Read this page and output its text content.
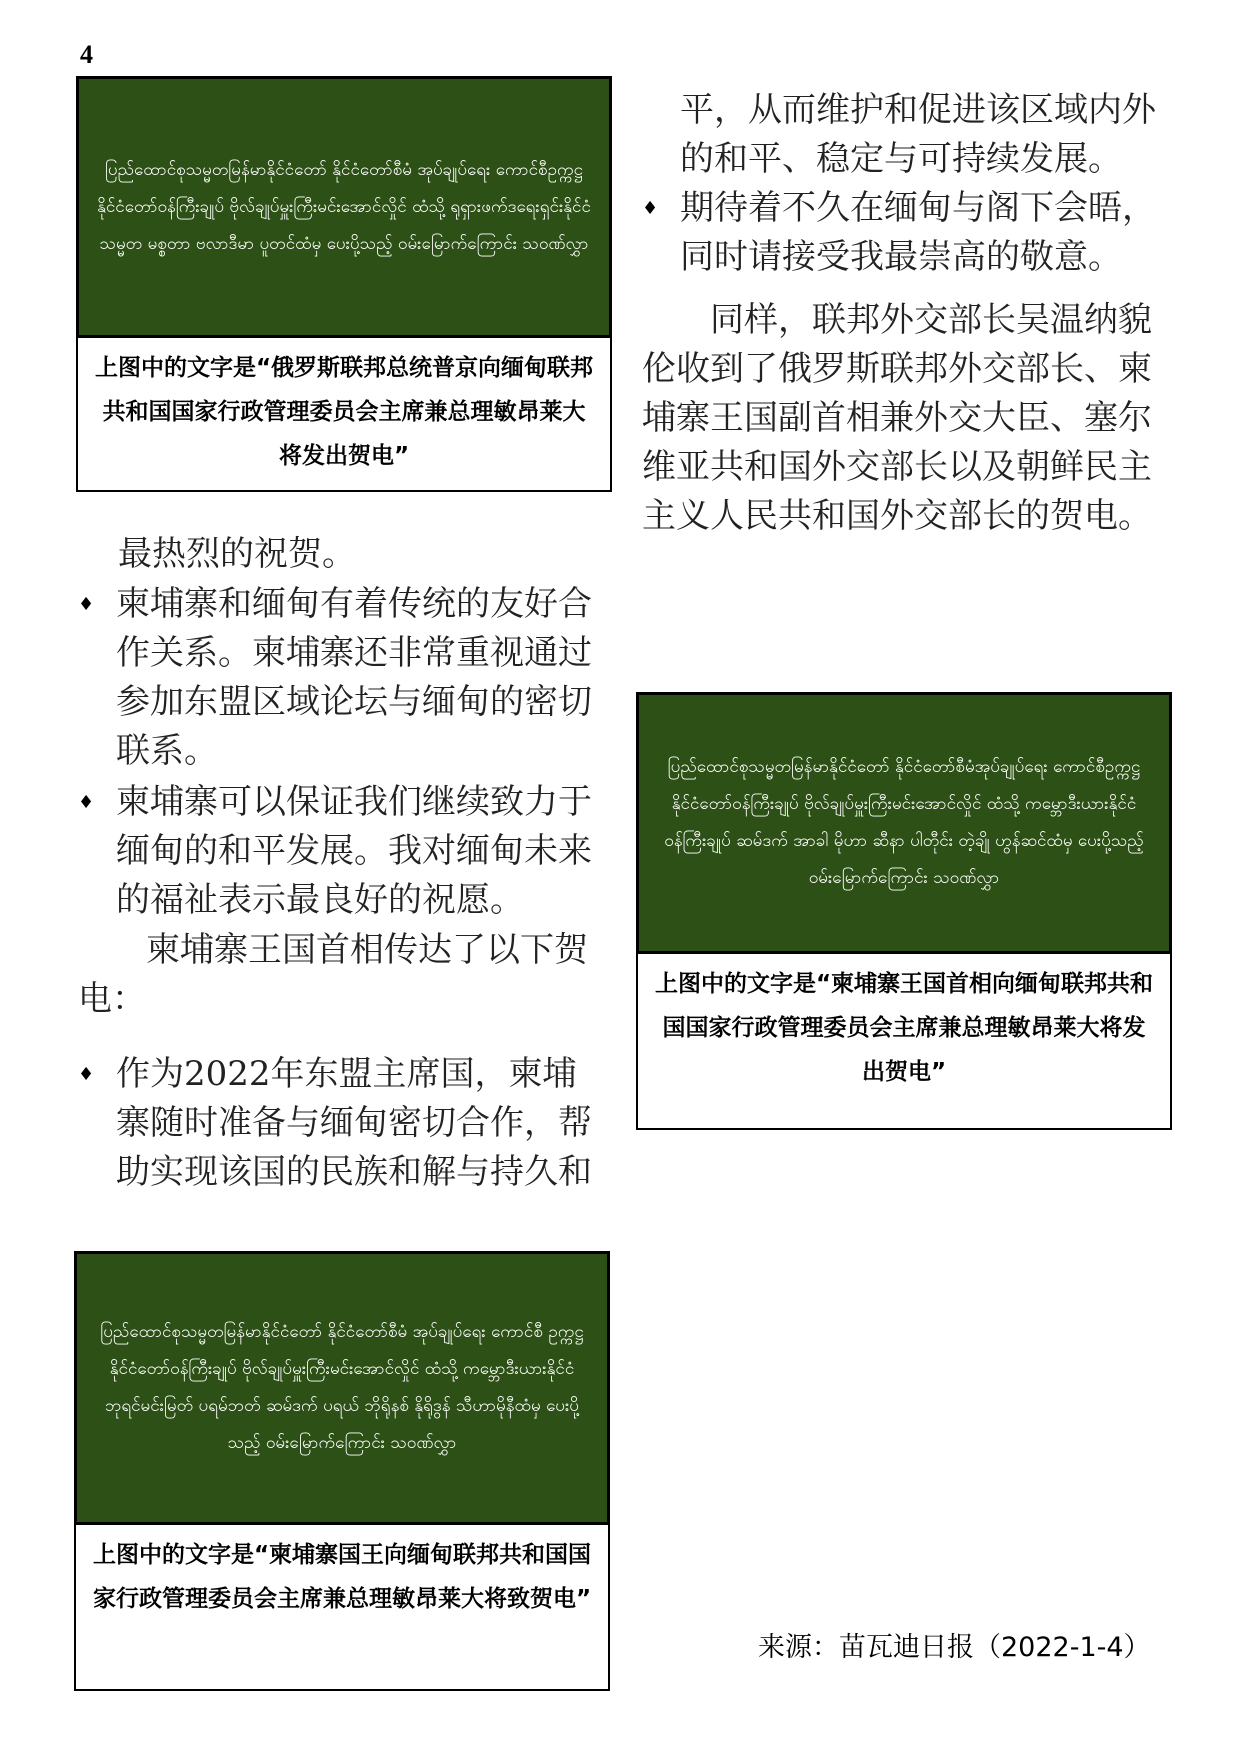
4
ပြည်ထောင်စုသမ္မတမြန်မာနိုင်ငံတော် နိုင်ငံတော်စီမံ အုပ်ချုပ်ရေး ကောင်စီဥက္ကဋ္ဌ နိုင်ငံတော်ဝန်ကြီးချုပ် ဗိုလ်ချုပ်မှူးကြီးမင်းအောင်လှိုင် ထံသို့ ရုရှားဖက်ဒရေးရှင်းနိုင်ငံ သမ္မတ မစ္စတာ ဗလာဒီမာ ပူတင်ထံမှ ပေးပို့သည့် ဝမ်းမြောက်ကြောင်း သဝဏ်လွှာ
上图中的文字是“俄罗斯联邦总统普京向缅甸联邦共和国国家行政管理委员会主席兼总理敏昂莱大将发出贺电”

平，从而维护和促进该区域内外的和平、稳定与可持续发展。

♦ 期待着不久在缅甸与阁下会晤，同时请接受我最崇高的敬意。

同样，联邦外交部长吴温纳貌伦收到了俄罗斯联邦外交部长、柬埔寨王国副首相兼外交大臣、塞尔维亚共和国外交部长以及朝鲜民主主义人民共和国外交部长的贺电。

最热烈的祝贺。

♦ 柬埔寨和缅甸有着传统的友好合作关系。柬埔寨还非常重视通过参加东盟区域论坛与缅甸的密切联系。
♦ 柬埔寨可以保证我们继续致力于缅甸的和平发展。我对缅甸未来的福祉表示最良好的祝愿。

柬埔寨王国首相传达了以下贺电：

♦ 作为2022年东盟主席国，柬埔寨随时准备与缅甸密切合作，帮助实现该国的民族和解与持久和
ပြည်ထောင်စုသမ္မတမြန်မာနိုင်ငံတော် နိုင်ငံတော်စီမံအုပ်ချုပ်ရေး ကောင်စီဥက္ကဋ္ဌ နိုင်ငံတော်ဝန်ကြီးချုပ် ဗိုလ်ချုပ်မှူးကြီးမင်းအောင်လှိုင် ထံသို့ ကမ္ဘောဒီးယားနိုင်ငံ ဝန်ကြီးချုပ် ဆမ်ဒက် အာခါ မိုဟာ ဆီနာ ပါတီုင်း တဲ့ချို ဟွန်ဆင်ထံမှ ပေးပို့သည့် ဝမ်းမြောက်ကြောင်း သဝဏ်လွှာ
上图中的文字是“柬埔寨王国首相向缅甸联邦共和国国家行政管理委员会主席兼总理敏昂莱大将发出贺电”
ပြည်ထောင်စုသမ္မတမြန်မာနိုင်ငံတော် နိုင်ငံတော်စီမံ အုပ်ချုပ်ရေး ကောင်စီ ဥက္ကဋ္ဌ နိုင်ငံတော်ဝန်ကြီးချုပ် ဗိုလ်ချုပ်မှူးကြီးမင်းအောင်လှိုင် ထံသို့ ကမ္ဘောဒီးယားနိုင်ငံ ဘုရင်မင်းမြတ် ပရမ်ဘတ် ဆမ်ဒက် ပရယ် ဘိုရိုနစ် နိုရိုဒွန် သီဟာမိုနီထံမှ ပေးပို့သည့် ဝမ်းမြောက်ကြောင်း သဝဏ်လွှာ
上图中的文字是“柬埔寨国王向缅甸联邦共和国国家行政管理委员会主席兼总理敏昂莱大将致贺电”
来源：苗瓦迪日报（2022-1-4）
